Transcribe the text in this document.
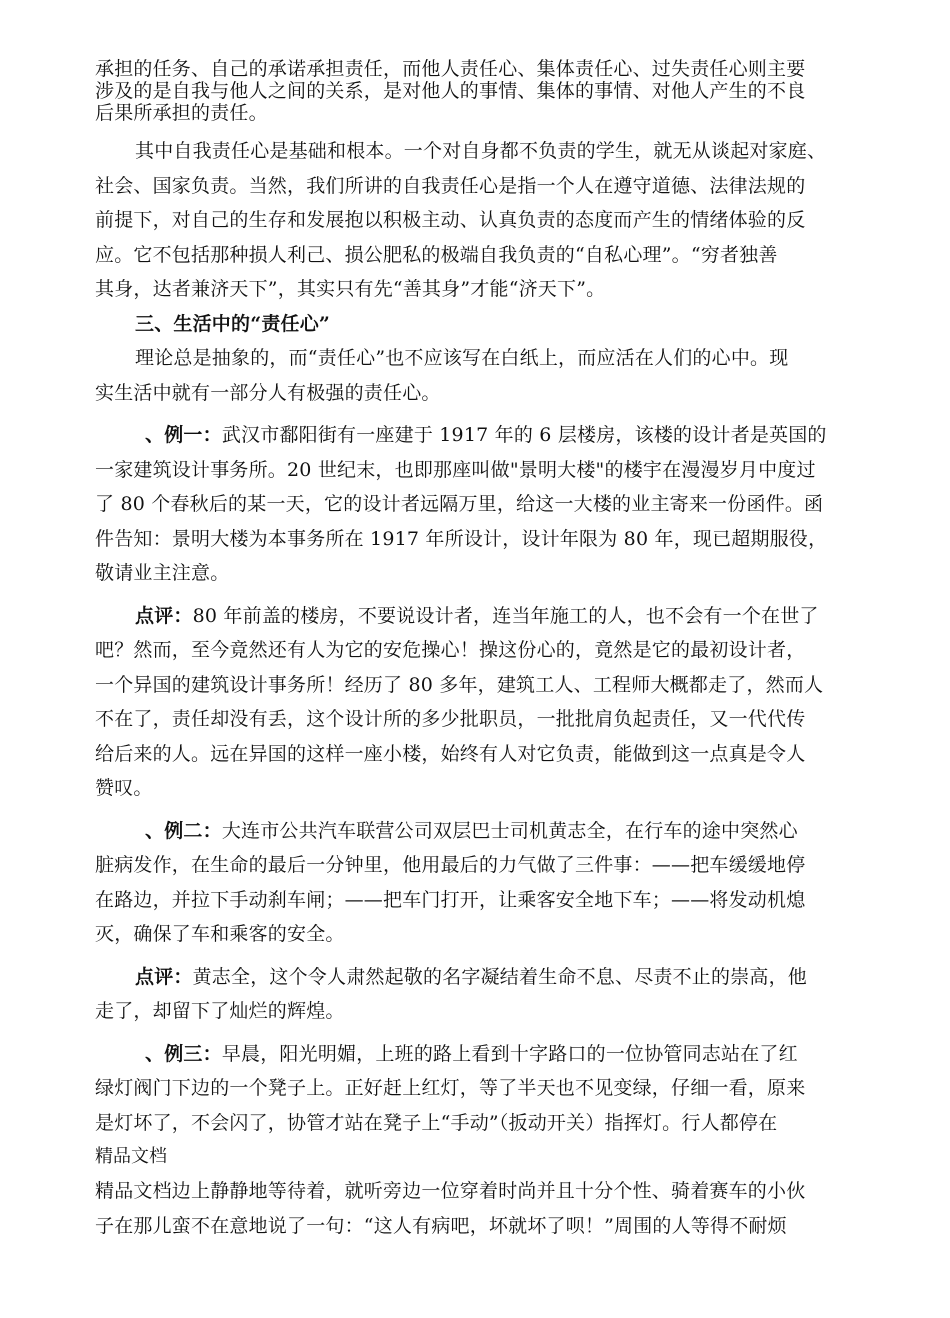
承担的任务、自己的承诺承担责任，而他人责任心、集体责任心、过失责任心则主要
涉及的是自我与他人之间的关系，是对他人的事情、集体的事情、对他人产生的不良
后果所承担的责任。
其中自我责任心是基础和根本。一个对自身都不负责的学生，就无从谈起对家庭、
社会、国家负责。当然，我们所讲的自我责任心是指一个人在遵守道德、法律法规的
前提下，对自己的生存和发展抱以积极主动、认真负责的态度而产生的情绪体验的反
应。它不包括那种损人利己、损公肥私的极端自我负责的“自私心理”。“穷者独善
其身，达者兼济天下”，其实只有先“善其身”才能“济天下”。
三、生活中的“责任心”
理论总是抽象的，而“责任心”也不应该写在白纸上，而应活在人们的心中。现
实生活中就有一部分人有极强的责任心。
、例一：武汉市鄱阳街有一座建于 1917 年的 6 层楼房，该楼的设计者是英国的
一家建筑设计事务所。20 世纪末，也即那座叫做"景明大楼"的楼宇在漫漫岁月中度过
了 80 个春秋后的某一天，它的设计者远隔万里，给这一大楼的业主寄来一份函件。函
件告知：景明大楼为本事务所在 1917 年所设计，设计年限为 80 年，现已超期服役，
敬请业主注意。
点评：80 年前盖的楼房，不要说设计者，连当年施工的人，也不会有一个在世了
吧？然而，至今竟然还有人为它的安危操心！操这份心的，竟然是它的最初设计者，
一个异国的建筑设计事务所！经历了 80 多年，建筑工人、工程师大概都走了，然而人
不在了，责任却没有丢，这个设计所的多少批职员，一批批肩负起责任，又一代代传
给后来的人。远在异国的这样一座小楼，始终有人对它负责，能做到这一点真是令人
赞叹。
、例二：大连市公共汽车联营公司双层巴士司机黄志全，在行车的途中突然心
脏病发作，在生命的最后一分钟里，他用最后的力气做了三件事：——把车缓缓地停
在路边，并拉下手动刹车闸；——把车门打开，让乘客安全地下车；——将发动机熄
灭，确保了车和乘客的安全。
点评：黄志全，这个令人肃然起敬的名字凝结着生命不息、尽责不止的崇高，他
走了，却留下了灿烂的辉煌。
、例三：早晨，阳光明媚，上班的路上看到十字路口的一位协管同志站在了红
绿灯阀门下边的一个凳子上。正好赶上红灯，等了半天也不见变绿，仔细一看，原来
是灯坏了，不会闪了，协管才站在凳子上“手动”（扳动开关）指挥灯。行人都停在
精品文档
精品文档边上静静地等待着，就听旁边一位穿着时尚并且十分个性、骑着赛车的小伙
子在那儿蛮不在意地说了一句：“这人有病吧，坏就坏了呗！”周围的人等得不耐烦
